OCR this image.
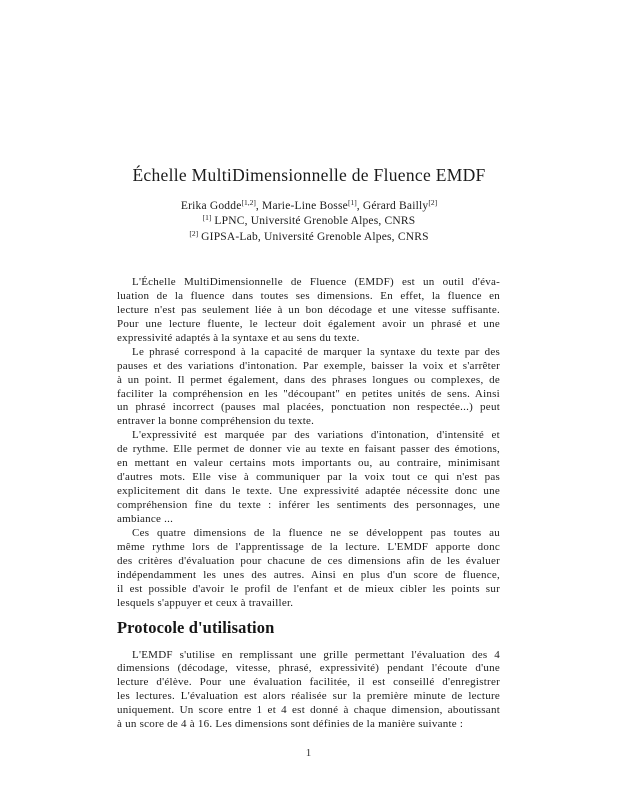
Échelle MultiDimensionnelle de Fluence EMDF
Erika Godde[1,2], Marie-Line Bosse[1], Gérard Bailly[2]
[1] LPNC, Université Grenoble Alpes, CNRS
[2] GIPSA-Lab, Université Grenoble Alpes, CNRS
L'Échelle MultiDimensionnelle de Fluence (EMDF) est un outil d'éva-
luation de la fluence dans toutes ses dimensions. En effet, la fluence en
lecture n'est pas seulement liée à un bon décodage et une vitesse suffisante.
Pour une lecture fluente, le lecteur doit également avoir un phrasé et une
expressivité adaptés à la syntaxe et au sens du texte.
Le phrasé correspond à la capacité de marquer la syntaxe du texte par des
pauses et des variations d'intonation. Par exemple, baisser la voix et s'arrêter
à un point. Il permet également, dans des phrases longues ou complexes, de
faciliter la compréhension en les "découpant" en petites unités de sens. Ainsi
un phrasé incorrect (pauses mal placées, ponctuation non respectée...) peut
entraver la bonne compréhension du texte.
L'expressivité est marquée par des variations d'intonation, d'intensité et
de rythme. Elle permet de donner vie au texte en faisant passer des émotions,
en mettant en valeur certains mots importants ou, au contraire, minimisant
d'autres mots. Elle vise à communiquer par la voix tout ce qui n'est pas
explicitement dit dans le texte. Une expressivité adaptée nécessite donc une
compréhension fine du texte : inférer les sentiments des personnages, une
ambiance ...
Ces quatre dimensions de la fluence ne se développent pas toutes au
même rythme lors de l'apprentissage de la lecture. L'EMDF apporte donc
des critères d'évaluation pour chacune de ces dimensions afin de les évaluer
indépendamment les unes des autres. Ainsi en plus d'un score de fluence,
il est possible d'avoir le profil de l'enfant et de mieux cibler les points sur
lesquels s'appuyer et ceux à travailler.
Protocole d'utilisation
L'EMDF s'utilise en remplissant une grille permettant l'évaluation des 4
dimensions (décodage, vitesse, phrasé, expressivité) pendant l'écoute d'une
lecture d'élève. Pour une évaluation facilitée, il est conseillé d'enregistrer
les lectures. L'évaluation est alors réalisée sur la première minute de lecture
uniquement. Un score entre 1 et 4 est donné à chaque dimension, aboutissant
à un score de 4 à 16. Les dimensions sont définies de la manière suivante :
1
